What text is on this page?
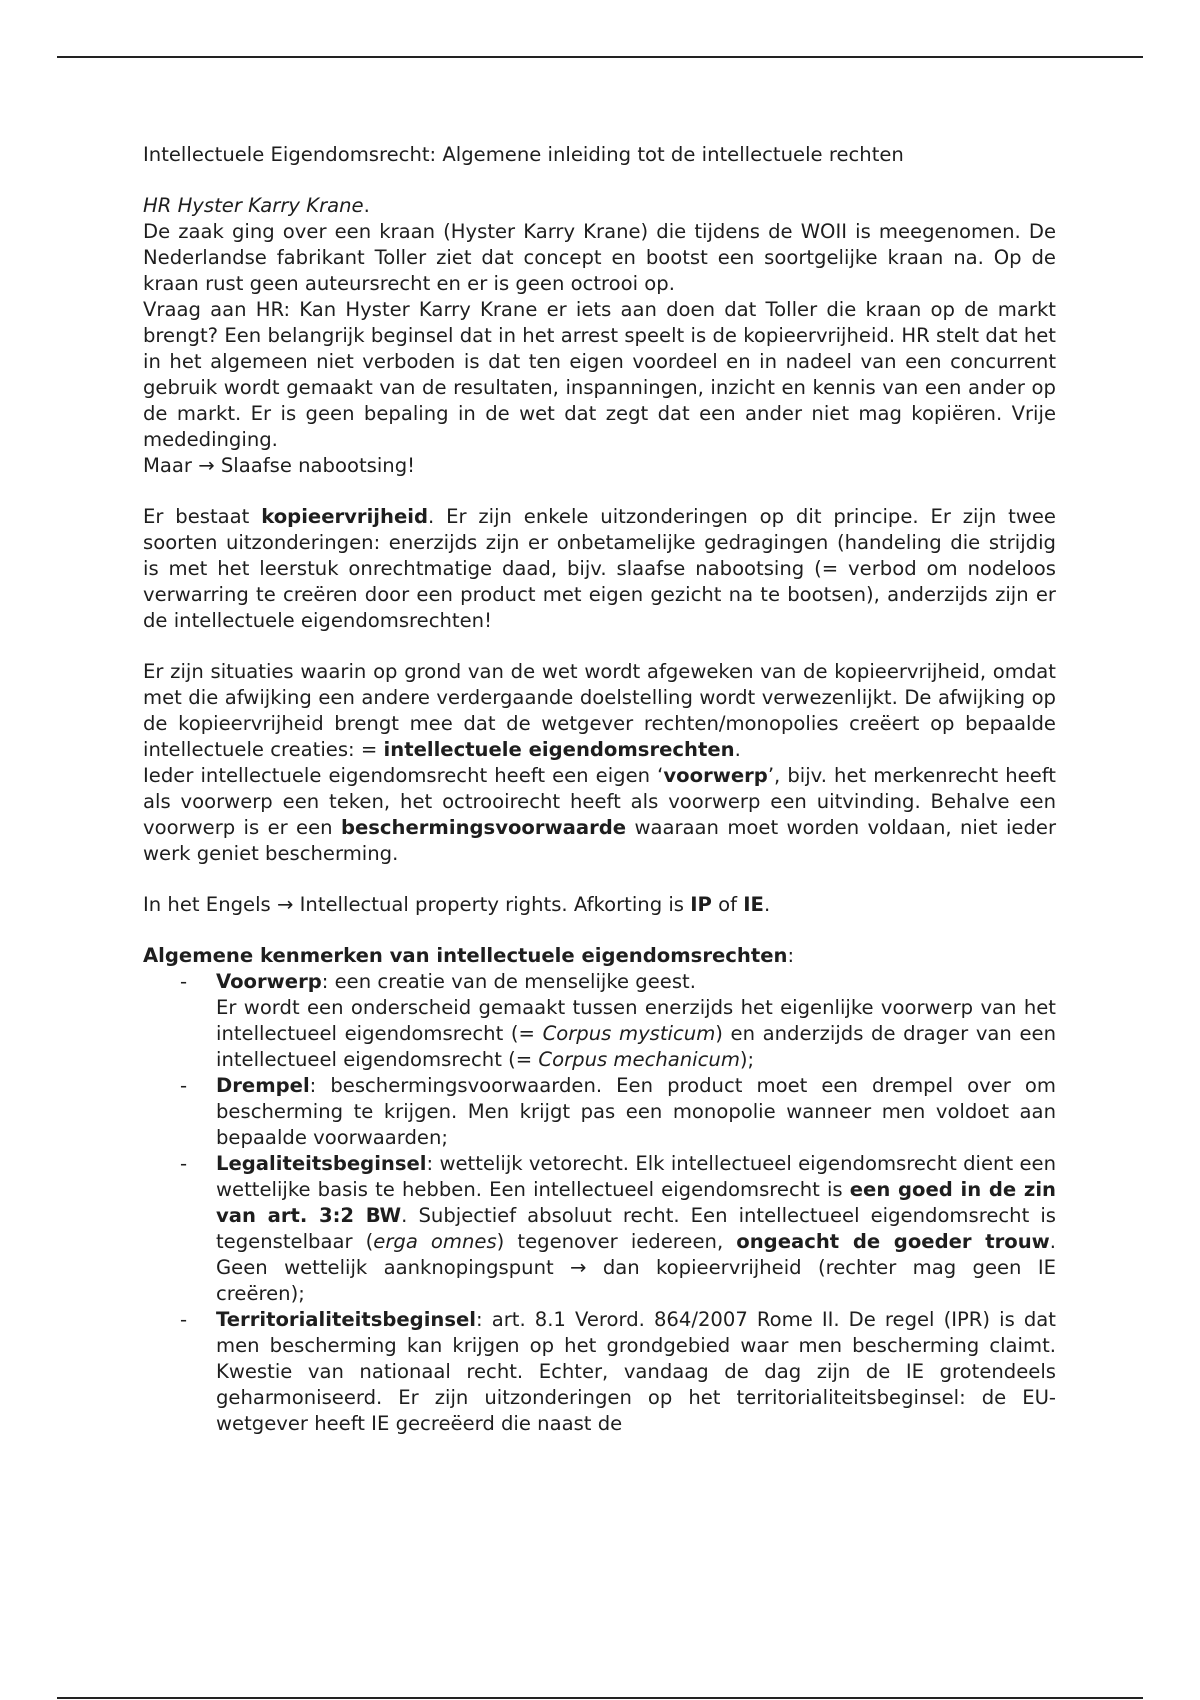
Intellectuele Eigendomsrecht: Algemene inleiding tot de intellectuele rechten

HR Hyster Karry Krane.

De zaak ging over een kraan (Hyster Karry Krane) die tijdens de WOII is meegenomen. De Nederlandse fabrikant Toller ziet dat concept en bootst een soortgelijke kraan na. Op de kraan rust geen auteursrecht en er is geen octrooi op.

Vraag aan HR: Kan Hyster Karry Krane er iets aan doen dat Toller die kraan op de markt brengt? Een belangrijk beginsel dat in het arrest speelt is de kopieervrijheid. HR stelt dat het in het algemeen niet verboden is dat ten eigen voordeel en in nadeel van een concurrent gebruik wordt gemaakt van de resultaten, inspanningen, inzicht en kennis van een ander op de markt. Er is geen bepaling in de wet dat zegt dat een ander niet mag kopiëren. Vrije mededinging.

Maar → Slaafse nabootsing!

Er bestaat kopieervrijheid. Er zijn enkele uitzonderingen op dit principe. Er zijn twee soorten uitzonderingen: enerzijds zijn er onbetamelijke gedragingen (handeling die strijdig is met het leerstuk onrechtmatige daad, bijv. slaafse nabootsing (= verbod om nodeloos verwarring te creëren door een product met eigen gezicht na te bootsen), anderzijds zijn er de intellectuele eigendomsrechten!

Er zijn situaties waarin op grond van de wet wordt afgeweken van de kopieervrijheid, omdat met die afwijking een andere verdergaande doelstelling wordt verwezenlijkt. De afwijking op de kopieervrijheid brengt mee dat de wetgever rechten/monopolies creëert op bepaalde intellectuele creaties: = intellectuele eigendomsrechten.

Ieder intellectuele eigendomsrecht heeft een eigen ‘voorwerp’, bijv. het merkenrecht heeft als voorwerp een teken, het octrooirecht heeft als voorwerp een uitvinding. Behalve een voorwerp is er een beschermingsvoorwaarde waaraan moet worden voldaan, niet ieder werk geniet bescherming.

In het Engels → Intellectual property rights. Afkorting is IP of IE.

Algemene kenmerken van intellectuele eigendomsrechten:

- Voorwerp: een creatie van de menselijke geest.
Er wordt een onderscheid gemaakt tussen enerzijds het eigenlijke voorwerp van het intellectueel eigendomsrecht (= Corpus mysticum) en anderzijds de drager van een intellectueel eigendomsrecht (= Corpus mechanicum);
- Drempel: beschermingsvoorwaarden. Een product moet een drempel over om bescherming te krijgen. Men krijgt pas een monopolie wanneer men voldoet aan bepaalde voorwaarden;
- Legaliteitsbeginsel: wettelijk vetorecht. Elk intellectueel eigendomsrecht dient een wettelijke basis te hebben. Een intellectueel eigendomsrecht is een goed in de zin van art. 3:2 BW. Subjectief absoluut recht. Een intellectueel eigendomsrecht is tegenstelbaar (erga omnes) tegenover iedereen, ongeacht de goeder trouw. Geen wettelijk aanknopingspunt → dan kopieervrijheid (rechter mag geen IE creëren);
- Territorialiteitsbeginsel: art. 8.1 Verord. 864/2007 Rome II. De regel (IPR) is dat men bescherming kan krijgen op het grondgebied waar men bescherming claimt. Kwestie van nationaal recht. Echter, vandaag de dag zijn de IE grotendeels geharmoniseerd. Er zijn uitzonderingen op het territorialiteitsbeginsel: de EU-wetgever heeft IE gecreëerd die naast de
